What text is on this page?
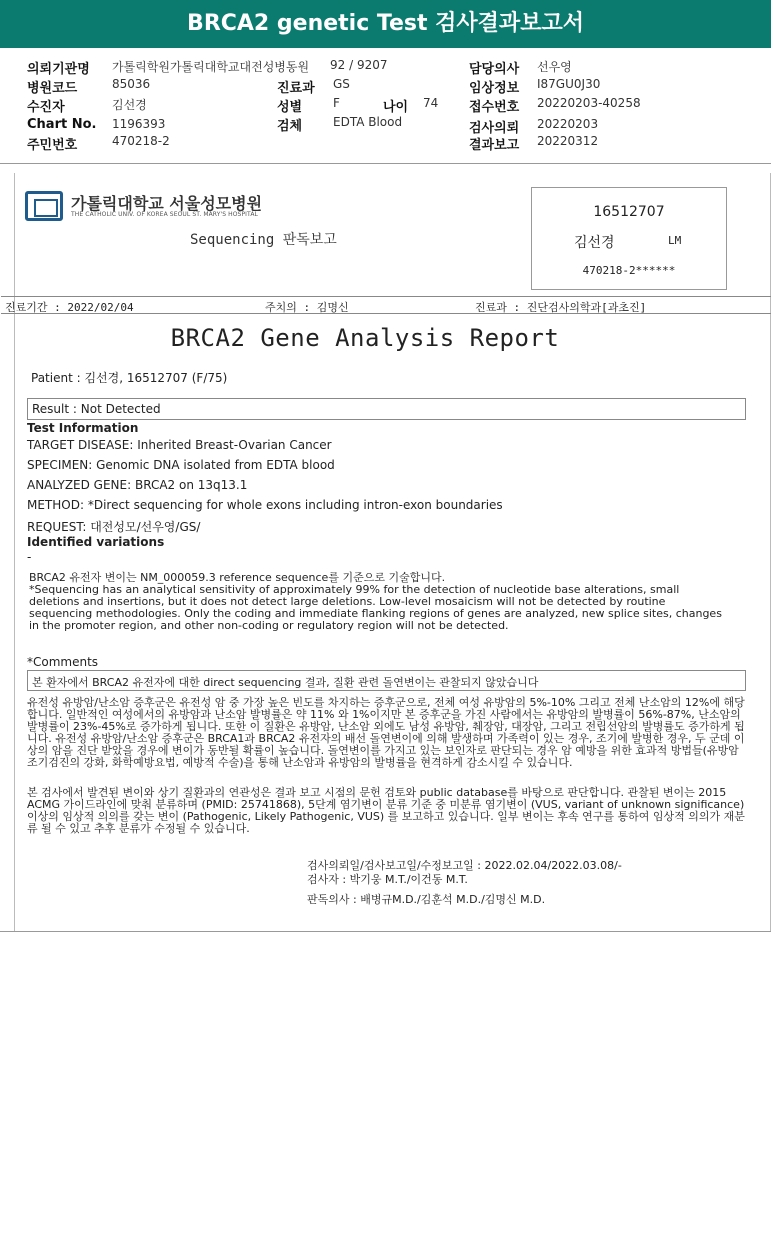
BRCA2 genetic Test 검사결과보고서
의뢰기관명 가톨릭학원가톨릭대학교대전성병동원 92 / 9207	담당의사 선우영
병원코드	85036	진료과 GS	임상정보 I87GU0J30
수진자	김선경	성별	F	나이 74 접수번호 20220203-40258
Chart No. 1196393	검체	EDTA Blood	검사의뢰 20220203
주민번호	470218-2	결과보고 20220312
가톨릭대학교 서울성모병원
THE CATHOLIC UNIV. OF KOREA SEOUL ST. MARY'S HOSPITAL
Sequencing 판독보고
16512707
김선경	LM
470218-2******
진료기간 : 2022/02/04	주치의 : 김명신	진료과 : 진단검사의학과[과초진]
BRCA2 Gene Analysis Report
Patient : 김선경, 16512707 (F/75)
Result : Not Detected
Test Information
TARGET DISEASE: Inherited Breast-Ovarian Cancer
SPECIMEN: Genomic DNA isolated from EDTA blood
ANALYZED GENE: BRCA2 on 13q13.1
METHOD: *Direct sequencing for whole exons including intron-exon boundaries
REQUEST: 대전성모/선우영/GS/
Identified variations
-
BRCA2 유전자 변이는 NM_000059.3 reference sequence를 기준으로 기술합니다.
*Sequencing has an analytical sensitivity of approximately 99% for the detection of nucleotide base alterations, small deletions and insertions, but it does not detect large deletions. Low-level mosaicism will not be detected by routine sequencing methodologies. Only the coding and immediate flanking regions of genes are analyzed, new splice sites, changes in the promoter region, and other non-coding or regulatory region will not be detected.
*Comments
본 환자에서 BRCA2 유전자에 대한 direct sequencing 결과, 질환 관련 돌연변이는 관찰되지 않았습니다
유전성 유방암/난소암 증후군은 유전성 암 중 가장 높은 빈도를 차지하는 증후군으로, 전체 여성 유방암의 5%-10% 그리고 전체 난소암의 12%에 해당합니다. 일반적인 여성에서의 유방암과 난소암 발병률은 약 11% 와 1%이지만 본 증후군을 가진 사람에서는 유방암의 발병률이 56%-87%, 난소암의 발병률이 23%-45%로 증가하게 됩니다. 또한 이 질환은 유방암, 난소암 외에도 남성 유방암, 췌장암, 대장암, 그리고 전립선암의 발병률도 증가하게 됩니다. 유전성 유방암/난소암 증후군은 BRCA1과 BRCA2 유전자의 배선 돌연변이에 의해 발생하며 가족력이 있는 경우, 조기에 발병한 경우, 두 군데 이상의 암을 진단 받았을 경우에 변이가 동반될 확률이 높습니다. 돌연변이를 가지고 있는 보인자로 판단되는 경우 암 예방을 위한 효과적 방법들(유방암 조기검진의 강화, 화학예방요법, 예방적 수술)을 통해 난소암과 유방암의 발병률을 현격하게 감소시킬 수 있습니다.
본 검사에서 발견된 변이와 상기 질환과의 연관성은 결과 보고 시점의 문헌 검토와 public database를 바탕으로 판단합니다. 관찰된 변이는 2015 ACMG 가이드라인에 맞춰 분류하며 (PMID: 25741868), 5단계 염기변이 분류 기준 중 미분류 염기변이 (VUS, variant of unknown significance) 이상의 임상적 의의를 갖는 변이 (Pathogenic, Likely Pathogenic, VUS) 를 보고하고 있습니다. 일부 변이는 후속 연구를 통하여 임상적 의의가 재분류 될 수 있고 추후 분류가 수정될 수 있습니다.
검사의뢰일/검사보고일/수정보고일 : 2022.02.04/2022.03.08/-
검사자 : 박기웅 M.T./이건동 M.T.
판독의사 : 배병규M.D./김훈석 M.D./김명신 M.D.
